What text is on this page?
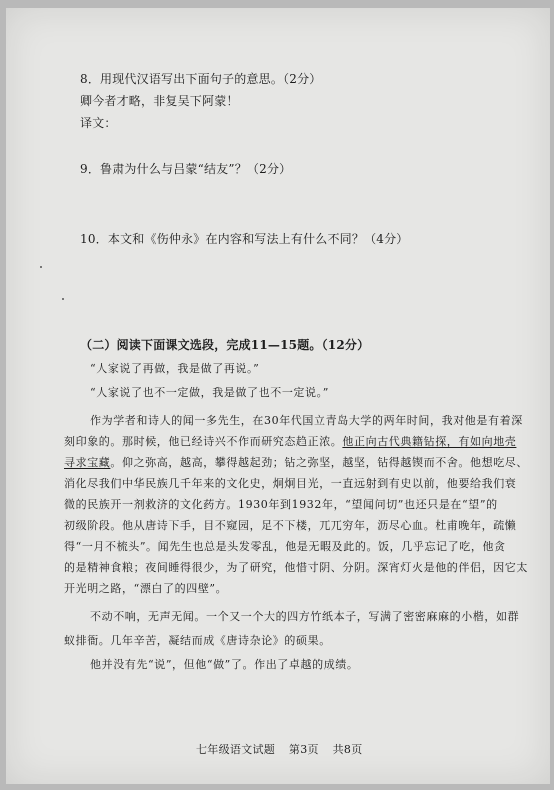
8．用现代汉语写出下面句子的意思。（2分）
卿今者才略，非复吴下阿蒙！
译文：
9．鲁肃为什么与吕蒙“结友”？（2分）
10．本文和《伤仲永》在内容和写法上有什么不同？（4分）
（二）阅读下面课文选段，完成11—15题。（12分）
“人家说了再做，我是做了再说。”
“人家说了也不一定做，我是做了也不一定说。”
作为学者和诗人的闻一多先生，在30年代国立青岛大学的两年时间，我对他是有着深
刻印象的。那时候，他已经诗兴不作而研究态趋正浓。他正向古代典籍钻探，有如向地壳
寻求宝藏。仰之弥高，越高，攀得越起劲；钻之弥坚，越坚，钻得越锲而不舍。他想吃尽、
消化尽我们中华民族几千年来的文化史，炯炯目光，一直远射到有史以前，他要给我们衰
微的民族开一剂救济的文化药方。1930年到1932年，“望闻问切”也还只是在“望”的
初级阶段。他从唐诗下手，目不窥园，足不下楼，兀兀穷年，沥尽心血。杜甫晚年，疏懒
得“一月不梳头”。闻先生也总是头发零乱，他是无暇及此的。饭，几乎忘记了吃，他贪
的是精神食粮；夜间睡得很少，为了研究，他惜寸阴、分阴。深宵灯火是他的伴侣，因它太
开光明之路，“漂白了的四壁”。
不动不响，无声无闻。一个又一个大的四方竹纸本子，写满了密密麻麻的小楷，如群
蚁排衙。几年辛苦，凝结而成《唐诗杂论》的硕果。
他并没有先“说”，但他“做”了。作出了卓越的成绩。
七年级语文试题 第3页 共8页
